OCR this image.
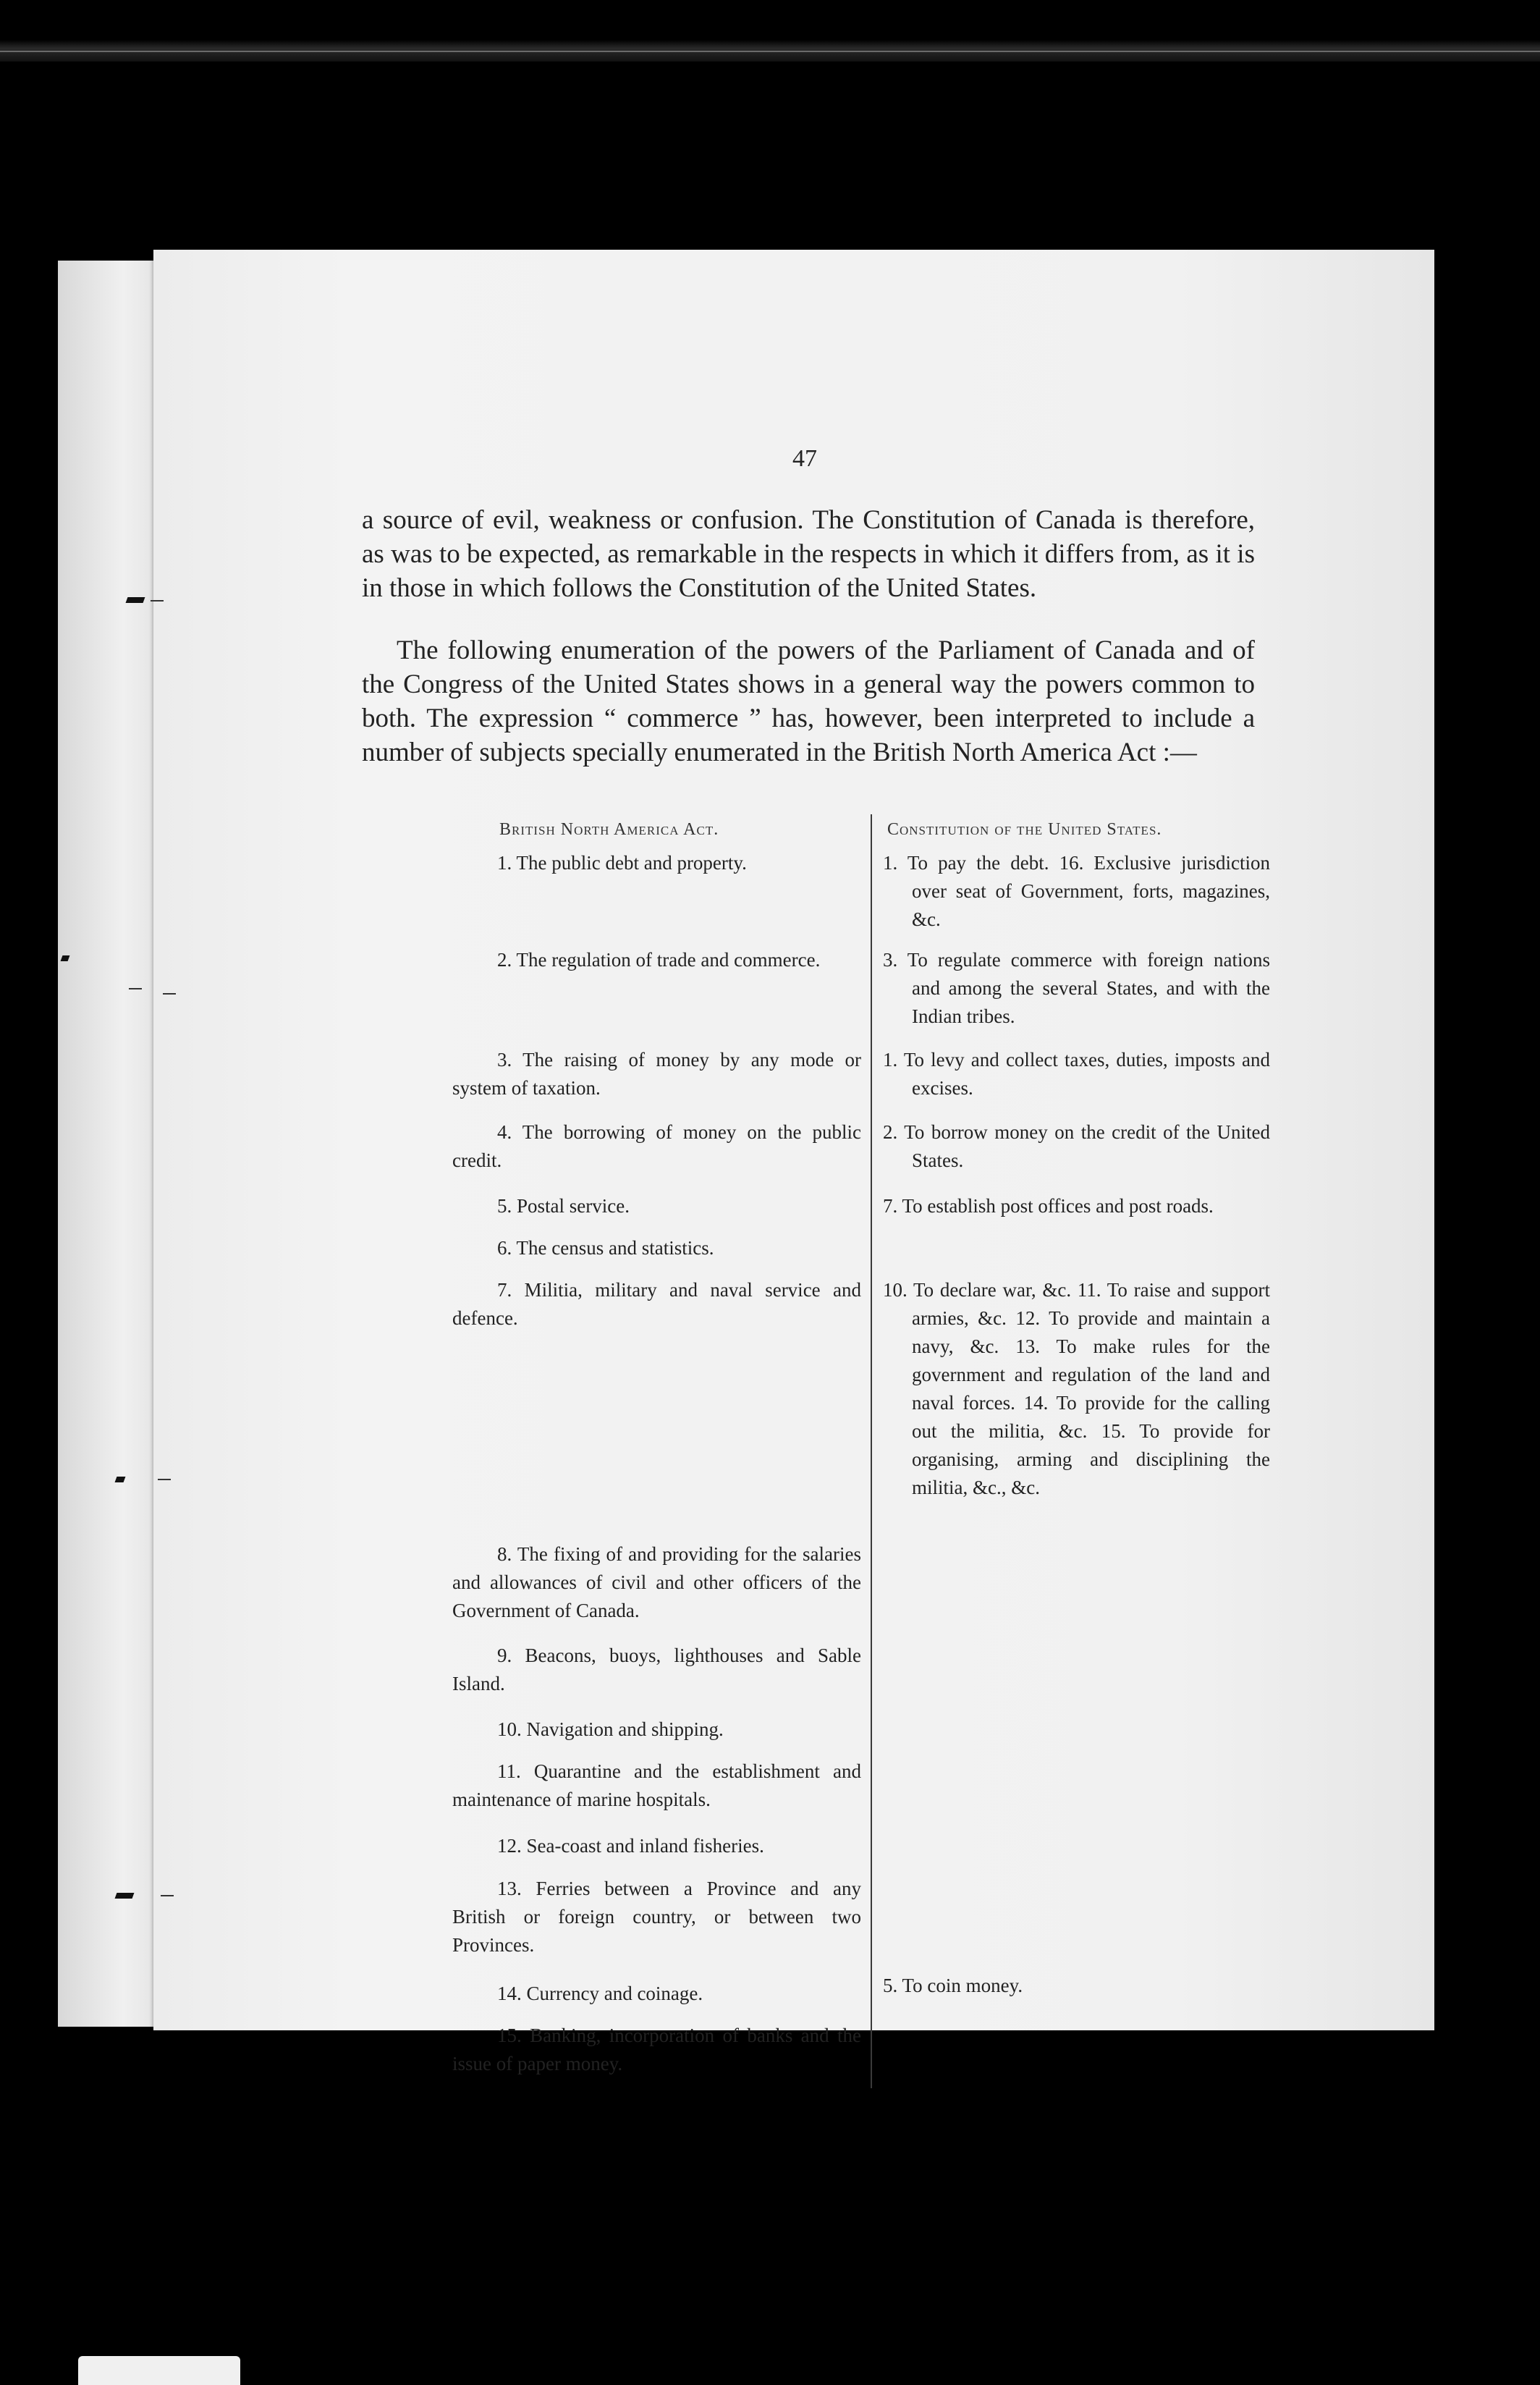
47
a source of evil, weakness or confusion. The Constitution of Canada is therefore, as was to be expected, as remarkable in the respects in which it differs from, as it is in those in which follows the Constitution of the United States.
The following enumeration of the powers of the Parliament of Canada and of the Congress of the United States shows in a general way the powers common to both. The expression “ commerce ” has, however, been interpreted to include a number of subjects specially enumerated in the British North America Act :—
British North America Act.	Constitution of the United States.
1. The public debt and property.
2. The regulation of trade and commerce.
3. The raising of money by any mode or system of taxation.
4. The borrowing of money on the public credit.
5. Postal service.
6. The census and statistics.
7. Militia, military and naval service and defence.
8. The fixing of and providing for the salaries and allowances of civil and other officers of the Government of Canada.
9. Beacons, buoys, lighthouses and Sable Island.
10. Navigation and shipping.
11. Quarantine and the establishment and maintenance of marine hospitals.
12. Sea-coast and inland fisheries.
13. Ferries between a Province and any British or foreign country, or between two Provinces.
14. Currency and coinage.
15. Banking, incorporation of banks and the issue of paper money.
1. To pay the debt. 16. Exclusive jurisdiction over seat of Government, forts, magazines, &c.
3. To regulate commerce with foreign nations and among the several States, and with the Indian tribes.
1. To levy and collect taxes, duties, imposts and excises.
2. To borrow money on the credit of the United States.
7. To establish post offices and post roads.
10. To declare war, &c. 11. To raise and support armies, &c. 12. To provide and maintain a navy, &c. 13. To make rules for the government and regulation of the land and naval forces. 14. To provide for the calling out the militia, &c. 15. To provide for organising, arming and disciplining the militia, &c., &c.
5. To coin money.
